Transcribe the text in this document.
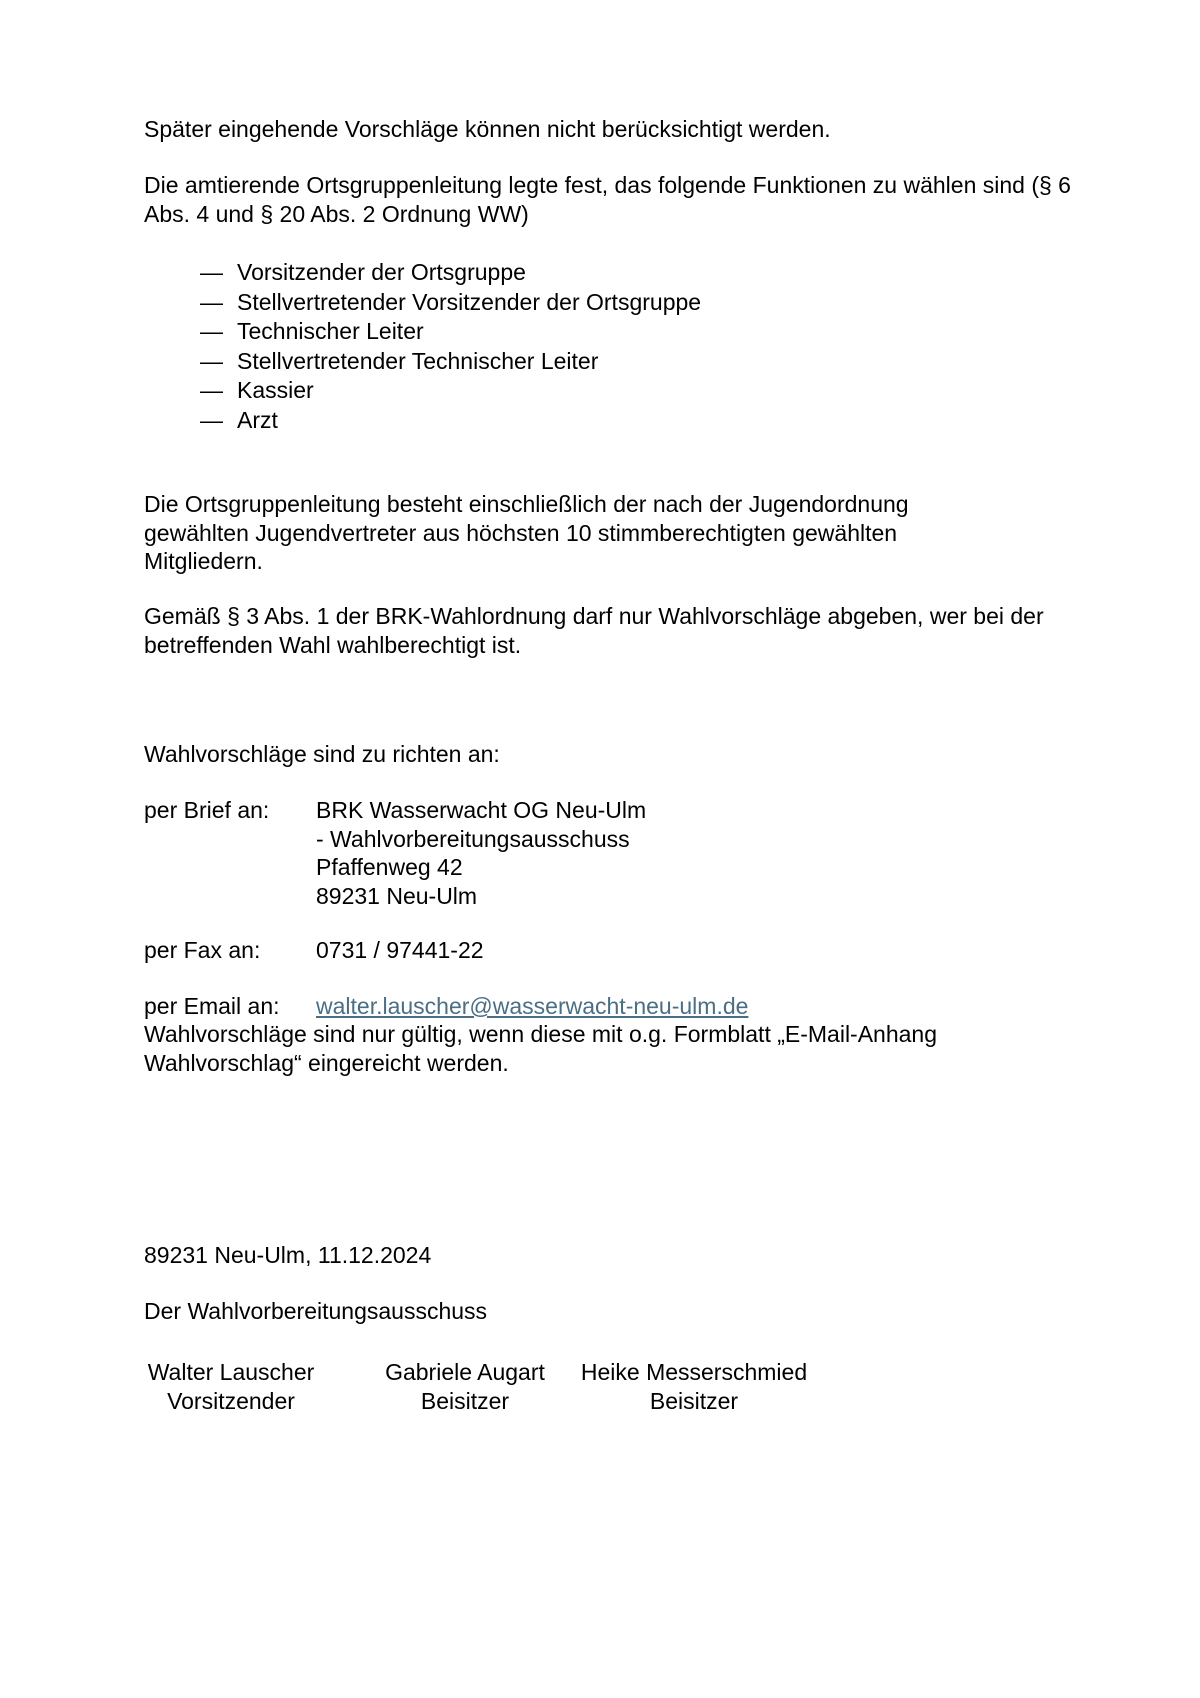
Später eingehende Vorschläge können nicht berücksichtigt werden.

Die amtierende Ortsgruppenleitung legte fest, das folgende Funktionen zu wählen sind (§ 6 Abs. 4 und § 20 Abs. 2 Ordnung WW)

— Vorsitzender der Ortsgruppe
— Stellvertretender Vorsitzender der Ortsgruppe
— Technischer Leiter
— Stellvertretender Technischer Leiter
— Kassier
— Arzt

Die Ortsgruppenleitung besteht einschließlich der nach der Jugendordnung gewählten Jugendvertreter aus höchsten 10 stimmberechtigten gewählten Mitgliedern.

Gemäß § 3 Abs. 1 der BRK-Wahlordnung darf nur Wahlvorschläge abgeben, wer bei der betreffenden Wahl wahlberechtigt ist.

Wahlvorschläge sind zu richten an:

per Brief an:	BRK Wasserwacht OG Neu-Ulm
- Wahlvorbereitungsausschuss
Pfaffenweg 42
89231 Neu-Ulm
per Fax an:	0731 / 97441-22
per Email an:	walter.lauscher@wasserwacht-neu-ulm.de

Wahlvorschläge sind nur gültig, wenn diese mit o.g. Formblatt „E-Mail-Anhang Wahlvorschlag“ eingereicht werden.

89231 Neu-Ulm, 11.12.2024

Der Wahlvorbereitungsausschuss

Walter Lauscher
Vorsitzender
Gabriele Augart
Beisitzer
Heike Messerschmied
Beisitzer
